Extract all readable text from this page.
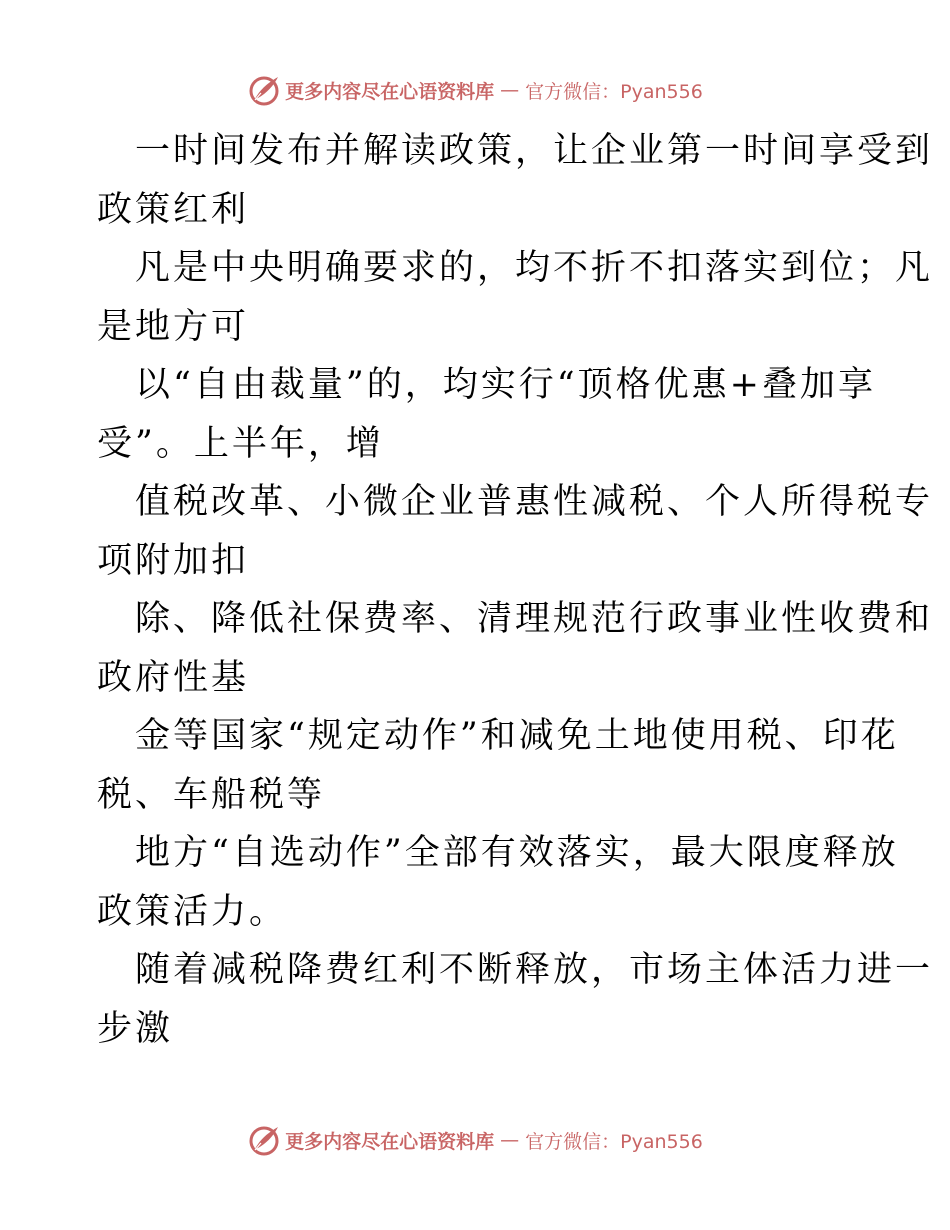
更多内容尽在心语资料库 — 官方微信：Pyan556
一时间发布并解读政策，让企业第一时间享受到
政策红利
凡是中央明确要求的，均不折不扣落实到位；凡
是地方可
以“自由裁量”的，均实行“顶格优惠+叠加享
受”。上半年，增
值税改革、小微企业普惠性减税、个人所得税专
项附加扣
除、降低社保费率、清理规范行政事业性收费和
政府性基
金等国家“规定动作”和减免土地使用税、印花
税、车船税等
地方“自选动作”全部有效落实，最大限度释放
政策活力。
随着减税降费红利不断释放，市场主体活力进一
步激
更多内容尽在心语资料库 — 官方微信：Pyan556
